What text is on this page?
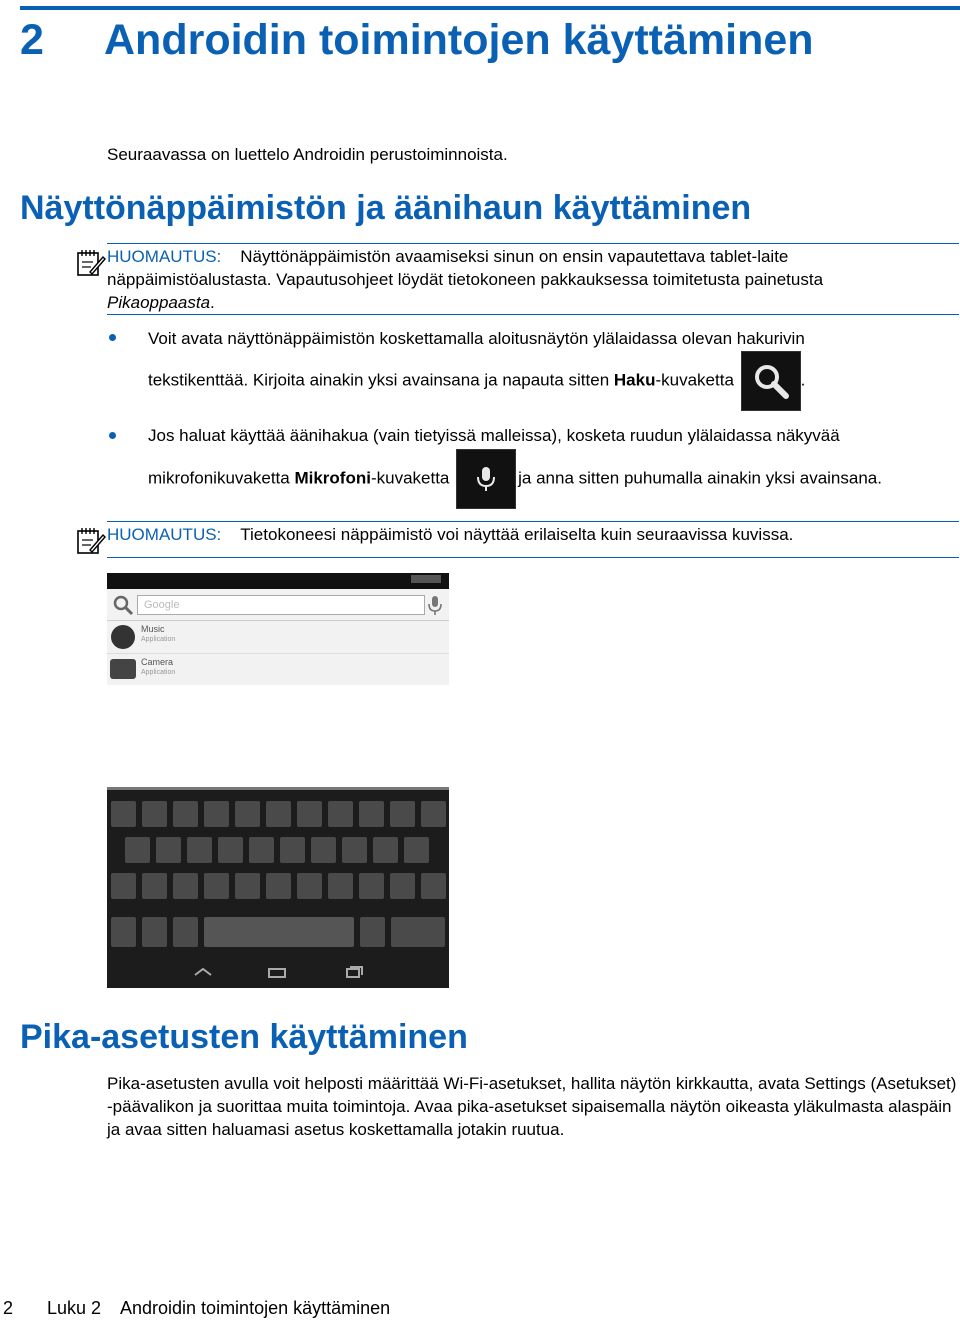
2 Androidin toimintojen käyttäminen

Seuraavassa on luettelo Androidin perustoiminnoista.

Näyttönäppäimistön ja äänihaun käyttäminen

HUOMAUTUS: Näyttönäppäimistön avaamiseksi sinun on ensin vapautettava tablet-laite
näppäimistöalustasta. Vapautusohjeet löydät tietokoneen pakkauksessa toimitetusta painetusta
Pikaoppaasta.

Voit avata näyttönäppäimistön koskettamalla aloitusnäytön ylälaidassa olevan hakurivin

tekstikenttää. Kirjoita ainakin yksi avainsana ja napauta sitten Haku-kuvaketta	.

Jos haluat käyttää äänihakua (vain tietyissä malleissa), kosketa ruudun ylälaidassa näkyvää

mikrofonikuvaketta Mikrofoni-kuvaketta	ja anna sitten puhumalla ainakin yksi avainsana.

HUOMAUTUS: Tietokoneesi näppäimistö voi näyttää erilaiselta kuin seuraavissa kuvissa.

Google
Music
Application
Camera
Application
Pika-asetusten käyttäminen

Pika-asetusten avulla voit helposti määrittää Wi-Fi-asetukset, hallita näytön kirkkautta, avata Settings (Asetukset) -päävalikon ja suorittaa muita toimintoja. Avaa pika-asetukset sipaisemalla näytön oikeasta yläkulmasta alaspäin ja avaa sitten haluamasi asetus koskettamalla jotakin ruutua.

2 Luku 2 Androidin toimintojen käyttäminen
